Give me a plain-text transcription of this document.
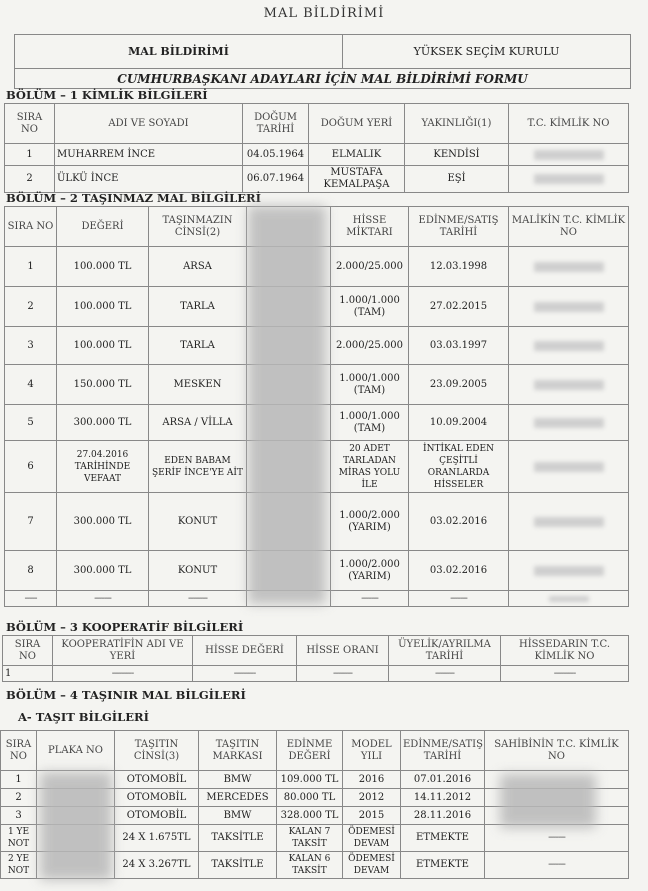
MAL BİLDİRİMİ
MAL BİLDİRİMİ	YÜKSEK SEÇİM KURULU
CUMHURBAŞKANI ADAYLARI İÇİN MAL BİLDİRİMİ FORMU
BÖLÜM – 1 KİMLİK BİLGİLERİ
SIRA NO	ADI VE SOYADI	DOĞUM TARİHİ	DOĞUM YERİ	YAKINLIĞI(1)	T.C. KİMLİK NO
1	MUHARREM İNCE	04.05.1964	ELMALIK	KENDİSİ	

2	ÜLKÜ İNCE	06.07.1964	MUSTAFA KEMALPAŞA	EŞİ	
BÖLÜM – 2 TAŞINMAZ MAL BİLGİLERİ
SIRA NO	DEĞERİ	TAŞINMAZIN CİNSİ(2)		HİSSE MİKTARI	EDİNME/SATIŞ TARİHİ	MALİKİN T.C. KİMLİK NO
1	100.000 TL	ARSA		2.000/25.000	12.03.1998	

2	100.000 TL	TARLA		1.000/1.000 (TAM)	27.02.2015	

3	100.000 TL	TARLA		2.000/25.000	03.03.1997	

4	150.000 TL	MESKEN		1.000/1.000 (TAM)	23.09.2005	

5	300.000 TL	ARSA / VİLLA		1.000/1.000 (TAM)	10.09.2004	

6	27.04.2016 TARİHİNDE VEFAAT	EDEN BABAM ŞERİF İNCE'YE AİT		20 ADET TARLADAN MİRAS YOLU İLE	İNTİKAL EDEN ÇEŞİTLİ ORANLARDA HİSSELER	

7	300.000 TL	KONUT		1.000/2.000 (YARIM)	03.02.2016	

8	300.000 TL	KONUT		1.000/2.000 (YARIM)	03.02.2016	

-----	-------	--------		-------	-------	
BÖLÜM – 3 KOOPERATİF BİLGİLERİ
SIRA NO	KOOPERATİFİN ADI VE YERİ	HİSSE DEĞERİ	HİSSE ORANI	ÜYELİK/AYRILMA TARİHİ	HİSSEDARIN T.C. KİMLİK NO
1	---------	---------	--------	--------	---------
BÖLÜM – 4 TAŞINIR MAL BİLGİLERİ
A- TAŞIT BİLGİLERİ
SIRA NO	PLAKA NO	TAŞITIN CİNSİ(3)	TAŞITIN MARKASI	EDİNME DEĞERİ	MODEL YILI	EDİNME/SATIŞ TARİHİ	SAHİBİNİN T.C. KİMLİK NO
1		OTOMOBİL	BMW	109.000 TL	2016	07.01.2016	
2		OTOMOBİL	MERCEDES	80.000 TL	2012	14.11.2012	
3		OTOMOBİL	BMW	328.000 TL	2015	28.11.2016	
1 YE NOT		24 X 1.675TL	TAKSİTLE	KALAN 7 TAKSİT	ÖDEMESİ DEVAM	ETMEKTE	-------
2 YE NOT		24 X 3.267TL	TAKSİTLE	KALAN 6 TAKSİT	ÖDEMESİ DEVAM	ETMEKTE	-------
